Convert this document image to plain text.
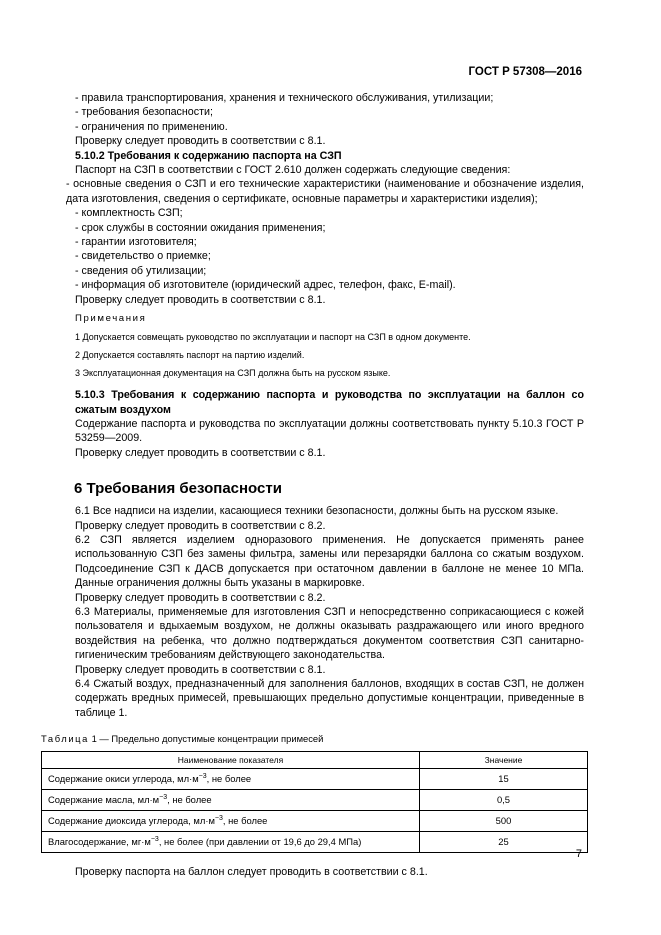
ГОСТ Р 57308—2016

- правила транспортирования, хранения и технического обслуживания, утилизации;

- требования безопасности;

- ограничения по применению.

Проверку следует проводить в соответствии с 8.1.

5.10.2 Требования к содержанию паспорта на СЗП

Паспорт на СЗП в соответствии с ГОСТ 2.610 должен содержать следующие сведения:

- основные сведения о СЗП и его технические характеристики (наименование и обозначение изделия, дата изготовления, сведения о сертификате, основные параметры и характеристики изделия);

- комплектность СЗП;

- срок службы в состоянии ожидания применения;

- гарантии изготовителя;

- свидетельство о приемке;

- сведения об утилизации;

- информация об изготовителе (юридический адрес, телефон, факс, E-mail).

Проверку следует проводить в соответствии с 8.1.

Примечания

1 Допускается совмещать руководство по эксплуатации и паспорт на СЗП в одном документе.

2 Допускается составлять паспорт на партию изделий.

3 Эксплуатационная документация на СЗП должна быть на русском языке.

5.10.3 Требования к содержанию паспорта и руководства по эксплуатации на баллон со сжатым воздухом

Содержание паспорта и руководства по эксплуатации должны соответствовать пункту 5.10.3 ГОСТ Р 53259—2009.

Проверку следует проводить в соответствии с 8.1.

6 Требования безопасности

6.1 Все надписи на изделии, касающиеся техники безопасности, должны быть на русском языке.

Проверку следует проводить в соответствии с 8.2.

6.2 СЗП является изделием одноразового применения. Не допускается применять ранее использованную СЗП без замены фильтра, замены или перезарядки баллона со сжатым воздухом. Подсоединение СЗП к ДАСВ допускается при остаточном давлении в баллоне не менее 10 МПа. Данные ограничения должны быть указаны в маркировке.

Проверку следует проводить в соответствии с 8.2.

6.3 Материалы, применяемые для изготовления СЗП и непосредственно соприкасающиеся с кожей пользователя и вдыхаемым воздухом, не должны оказывать раздражающего или иного вредного воздействия на ребенка, что должно подтверждаться документом соответствия СЗП санитарно-гигиеническим требованиям действующего законодательства.

Проверку следует проводить в соответствии с 8.1.

6.4 Сжатый воздух, предназначенный для заполнения баллонов, входящих в состав СЗП, не должен содержать вредных примесей, превышающих предельно допустимые концентрации, приведенные в таблице 1.

Таблица 1 — Предельно допустимые концентрации примесей

Наименование показателя	Значение
Содержание окиси углерода, $мл\cdot м^{-3}$, не более	15
Содержание масла, $мл\cdot м^{-3}$, не более	0,5
Содержание диоксида углерода, $мл\cdot м^{-3}$, не более	500
Влагосодержание, $мг\cdot м^{-3}$, не более (при давлении от 19,6 до 29,4 МПа)	25

Проверку паспорта на баллон следует проводить в соответствии с 8.1.

7
